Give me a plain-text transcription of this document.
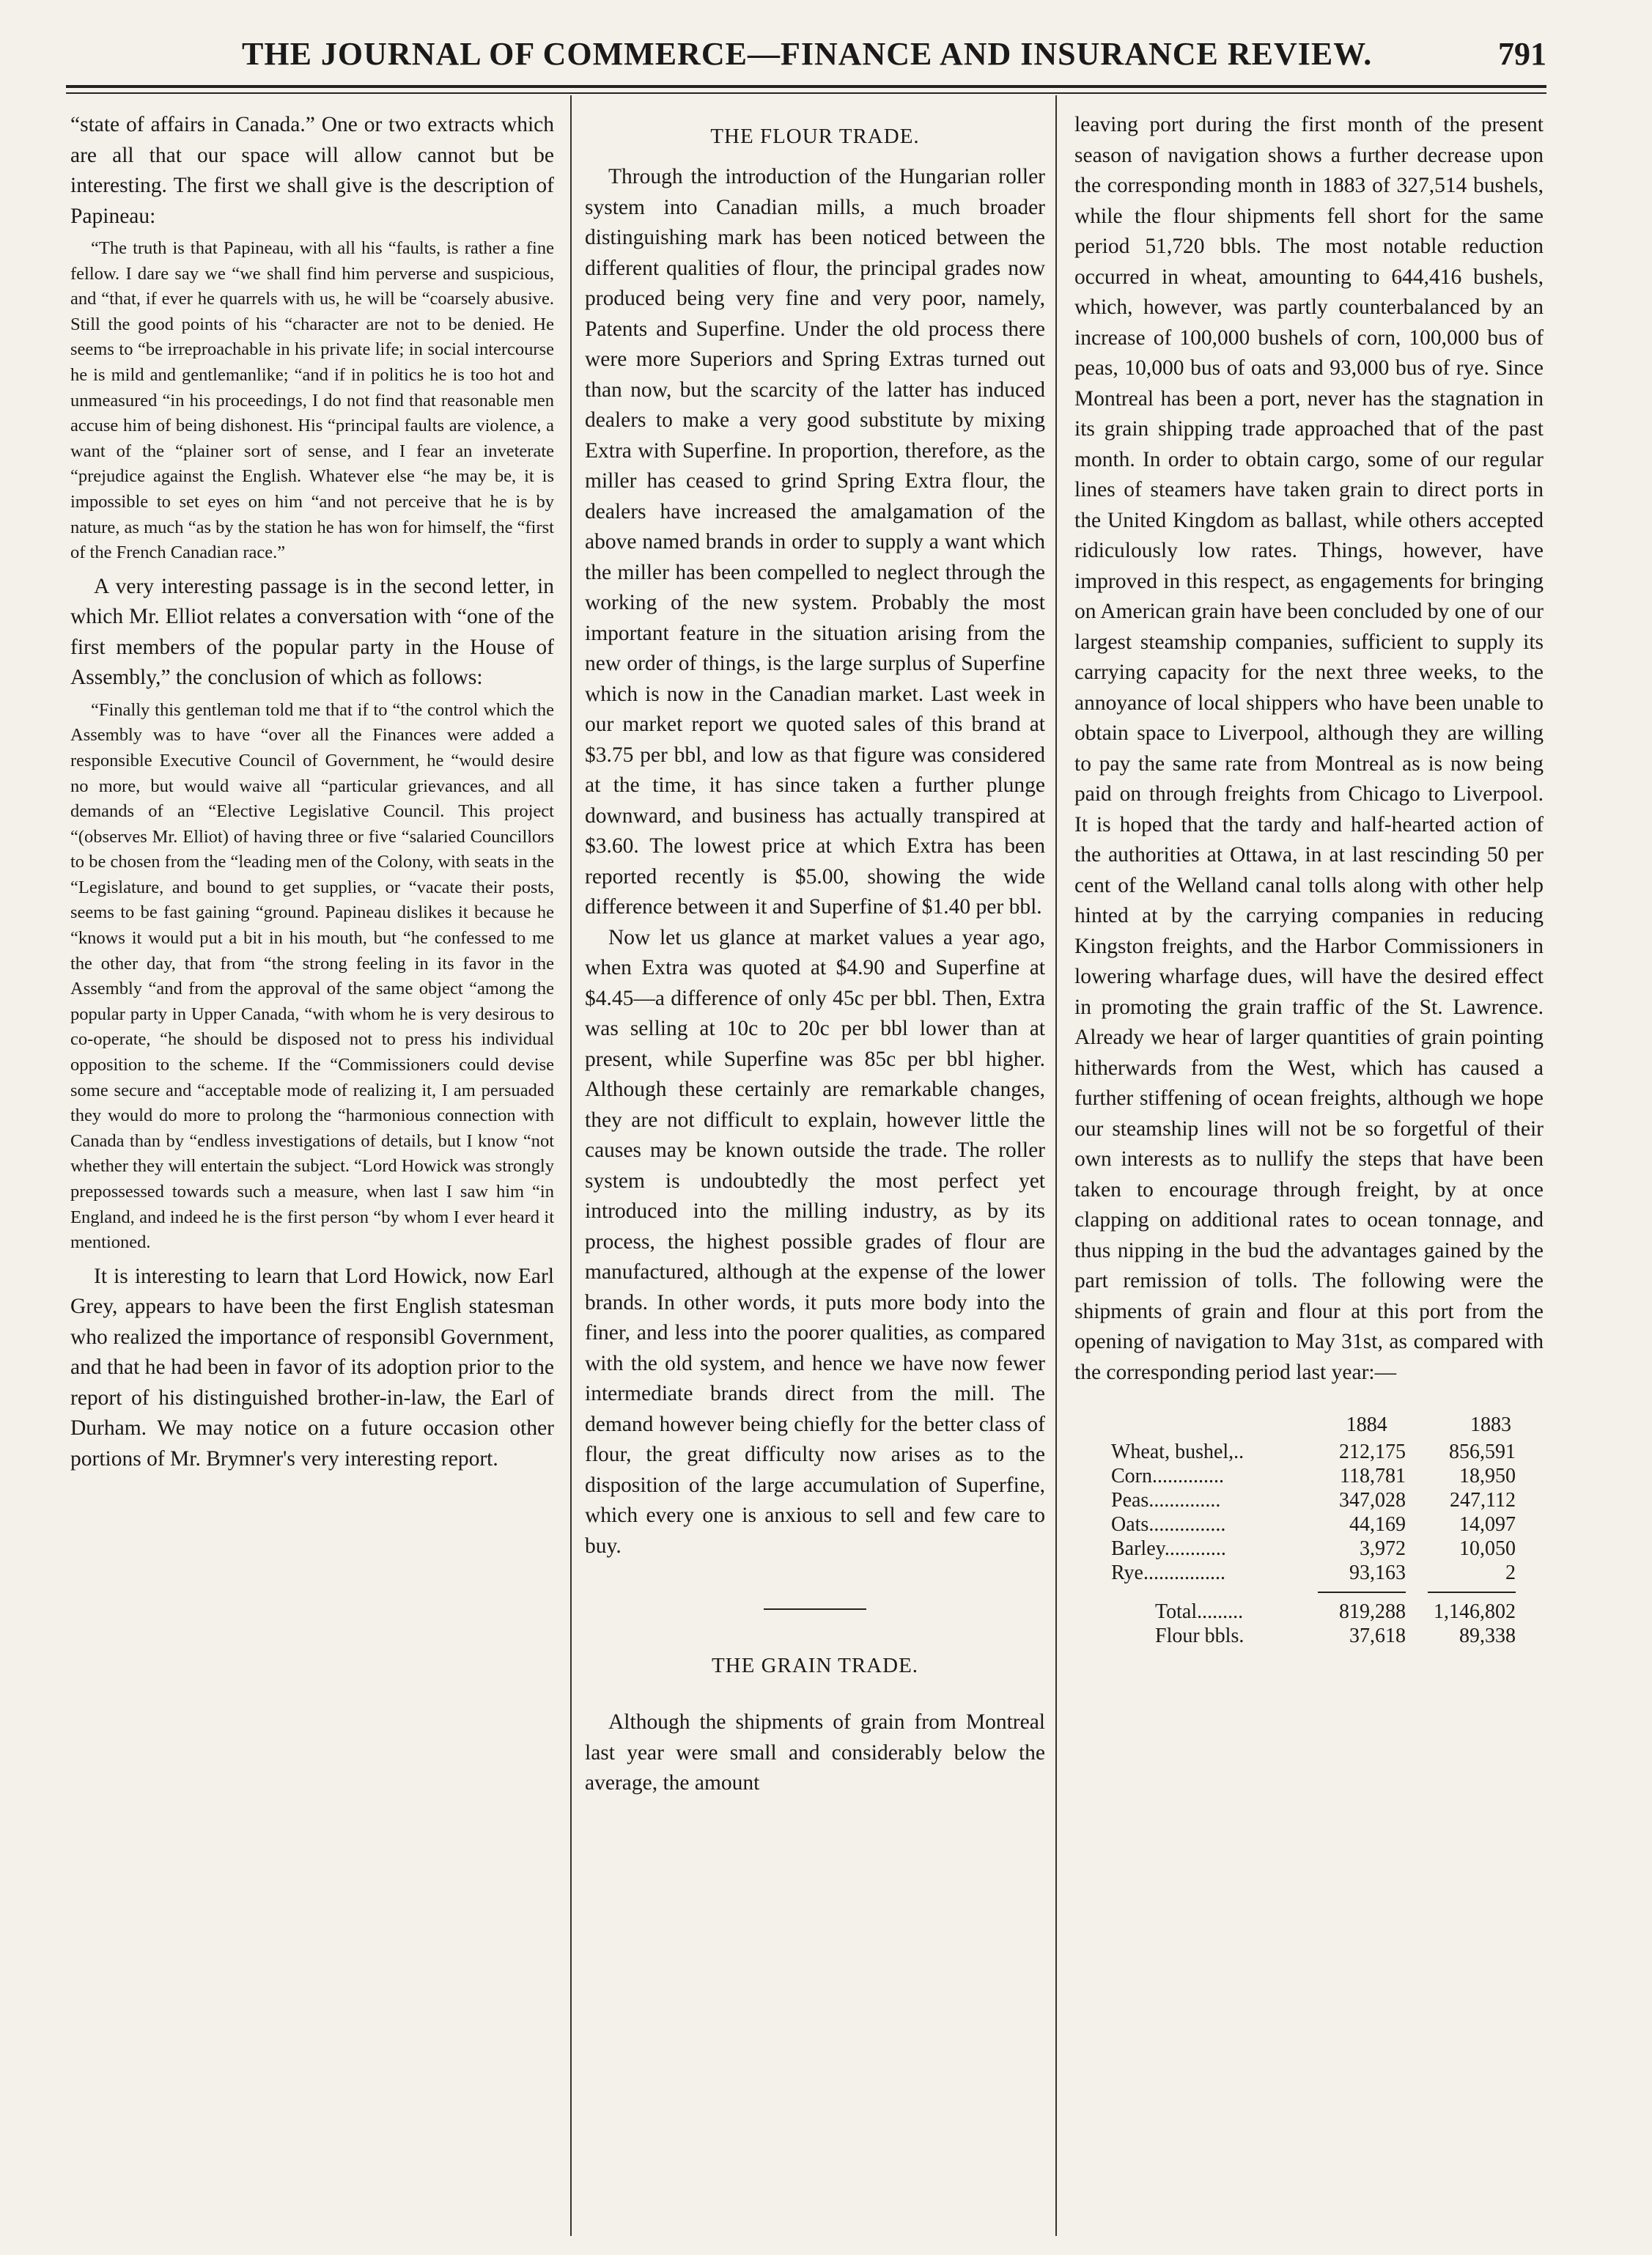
THE JOURNAL OF COMMERCE—FINANCE AND INSURANCE REVIEW.	791

“state of affairs in Canada.” One or two extracts which are all that our space will allow cannot but be interesting. The first we shall give is the description of Papineau:

“The truth is that Papineau, with all his “faults, is rather a fine fellow. I dare say we “we shall find him perverse and suspicious, and “that, if ever he quarrels with us, he will be “coarsely abusive. Still the good points of his “character are not to be denied. He seems to “be irreproachable in his private life; in social intercourse he is mild and gentlemanlike; “and if in politics he is too hot and unmeasured “in his proceedings, I do not find that reasonable men accuse him of being dishonest. His “principal faults are violence, a want of the “plainer sort of sense, and I fear an inveterate “prejudice against the English. Whatever else “he may be, it is impossible to set eyes on him “and not perceive that he is by nature, as much “as by the station he has won for himself, the “first of the French Canadian race.”

A very interesting passage is in the second letter, in which Mr. Elliot relates a conversation with “one of the first members of the popular party in the House of Assembly,” the conclusion of which as follows:

“Finally this gentleman told me that if to “the control which the Assembly was to have “over all the Finances were added a responsible Executive Council of Government, he “would desire no more, but would waive all “particular grievances, and all demands of an “Elective Legislative Council. This project “(observes Mr. Elliot) of having three or five “salaried Councillors to be chosen from the “leading men of the Colony, with seats in the “Legislature, and bound to get supplies, or “vacate their posts, seems to be fast gaining “ground. Papineau dislikes it because he “knows it would put a bit in his mouth, but “he confessed to me the other day, that from “the strong feeling in its favor in the Assembly “and from the approval of the same object “among the popular party in Upper Canada, “with whom he is very desirous to co-operate, “he should be disposed not to press his individual opposition to the scheme. If the “Commissioners could devise some secure and “acceptable mode of realizing it, I am persuaded they would do more to prolong the “harmonious connection with Canada than by “endless investigations of details, but I know “not whether they will entertain the subject. “Lord Howick was strongly prepossessed towards such a measure, when last I saw him “in England, and indeed he is the first person “by whom I ever heard it mentioned.

It is interesting to learn that Lord Howick, now Earl Grey, appears to have been the first English statesman who realized the importance of responsibl Government, and that he had been in favor of its adoption prior to the report of his distinguished brother-in-law, the Earl of Durham. We may notice on a future occasion other portions of Mr. Brymner's very interesting report.

THE FLOUR TRADE.

Through the introduction of the Hungarian roller system into Canadian mills, a much broader distinguishing mark has been noticed between the different qualities of flour, the principal grades now produced being very fine and very poor, namely, Patents and Superfine. Under the old process there were more Superiors and Spring Extras turned out than now, but the scarcity of the latter has induced dealers to make a very good substitute by mixing Extra with Superfine. In proportion, therefore, as the miller has ceased to grind Spring Extra flour, the dealers have increased the amalgamation of the above named brands in order to supply a want which the miller has been compelled to neglect through the working of the new system. Probably the most important feature in the situation arising from the new order of things, is the large surplus of Superfine which is now in the Canadian market. Last week in our market report we quoted sales of this brand at $3.75 per bbl, and low as that figure was considered at the time, it has since taken a further plunge downward, and business has actually transpired at $3.60. The lowest price at which Extra has been reported recently is $5.00, showing the wide difference between it and Superfine of $1.40 per bbl.

Now let us glance at market values a year ago, when Extra was quoted at $4.90 and Superfine at $4.45—a difference of only 45c per bbl. Then, Extra was selling at 10c to 20c per bbl lower than at present, while Superfine was 85c per bbl higher. Although these certainly are remarkable changes, they are not difficult to explain, however little the causes may be known outside the trade. The roller system is undoubtedly the most perfect yet introduced into the milling industry, as by its process, the highest possible grades of flour are manufactured, although at the expense of the lower brands. In other words, it puts more body into the finer, and less into the poorer qualities, as compared with the old system, and hence we have now fewer intermediate brands direct from the mill. The demand however being chiefly for the better class of flour, the great difficulty now arises as to the disposition of the large accumulation of Superfine, which every one is anxious to sell and few care to buy.

THE GRAIN TRADE.

Although the shipments of grain from Montreal last year were small and considerably below the average, the amount

leaving port during the first month of the present season of navigation shows a further decrease upon the corresponding month in 1883 of 327,514 bushels, while the flour shipments fell short for the same period 51,720 bbls. The most notable reduction occurred in wheat, amounting to 644,416 bushels, which, however, was partly counterbalanced by an increase of 100,000 bushels of corn, 100,000 bus of peas, 10,000 bus of oats and 93,000 bus of rye. Since Montreal has been a port, never has the stagnation in its grain shipping trade approached that of the past month. In order to obtain cargo, some of our regular lines of steamers have taken grain to direct ports in the United Kingdom as ballast, while others accepted ridiculously low rates. Things, however, have improved in this respect, as engagements for bringing on American grain have been concluded by one of our largest steamship companies, sufficient to supply its carrying capacity for the next three weeks, to the annoyance of local shippers who have been unable to obtain space to Liverpool, although they are willing to pay the same rate from Montreal as is now being paid on through freights from Chicago to Liverpool. It is hoped that the tardy and half-hearted action of the authorities at Ottawa, in at last rescinding 50 per cent of the Welland canal tolls along with other help hinted at by the carrying companies in reducing Kingston freights, and the Harbor Commissioners in lowering wharfage dues, will have the desired effect in promoting the grain traffic of the St. Lawrence. Already we hear of larger quantities of grain pointing hitherwards from the West, which has caused a further stiffening of ocean freights, although we hope our steamship lines will not be so forgetful of their own interests as to nullify the steps that have been taken to encourage through freight, by at once clapping on additional rates to ocean tonnage, and thus nipping in the bud the advantages gained by the part remission of tolls. The following were the shipments of grain and flour at this port from the opening of navigation to May 31st, as compared with the corresponding period last year:—

1884	1883
Wheat, bushel,..	212,175	856,591
Corn..............	118,781	18,950
Peas..............	347,028	247,112
Oats...............	44,169	14,097
Barley............	3,972	10,050
Rye................	93,163	2
Total.........	819,288	1,146,802
Flour bbls.	37,618	89,338
